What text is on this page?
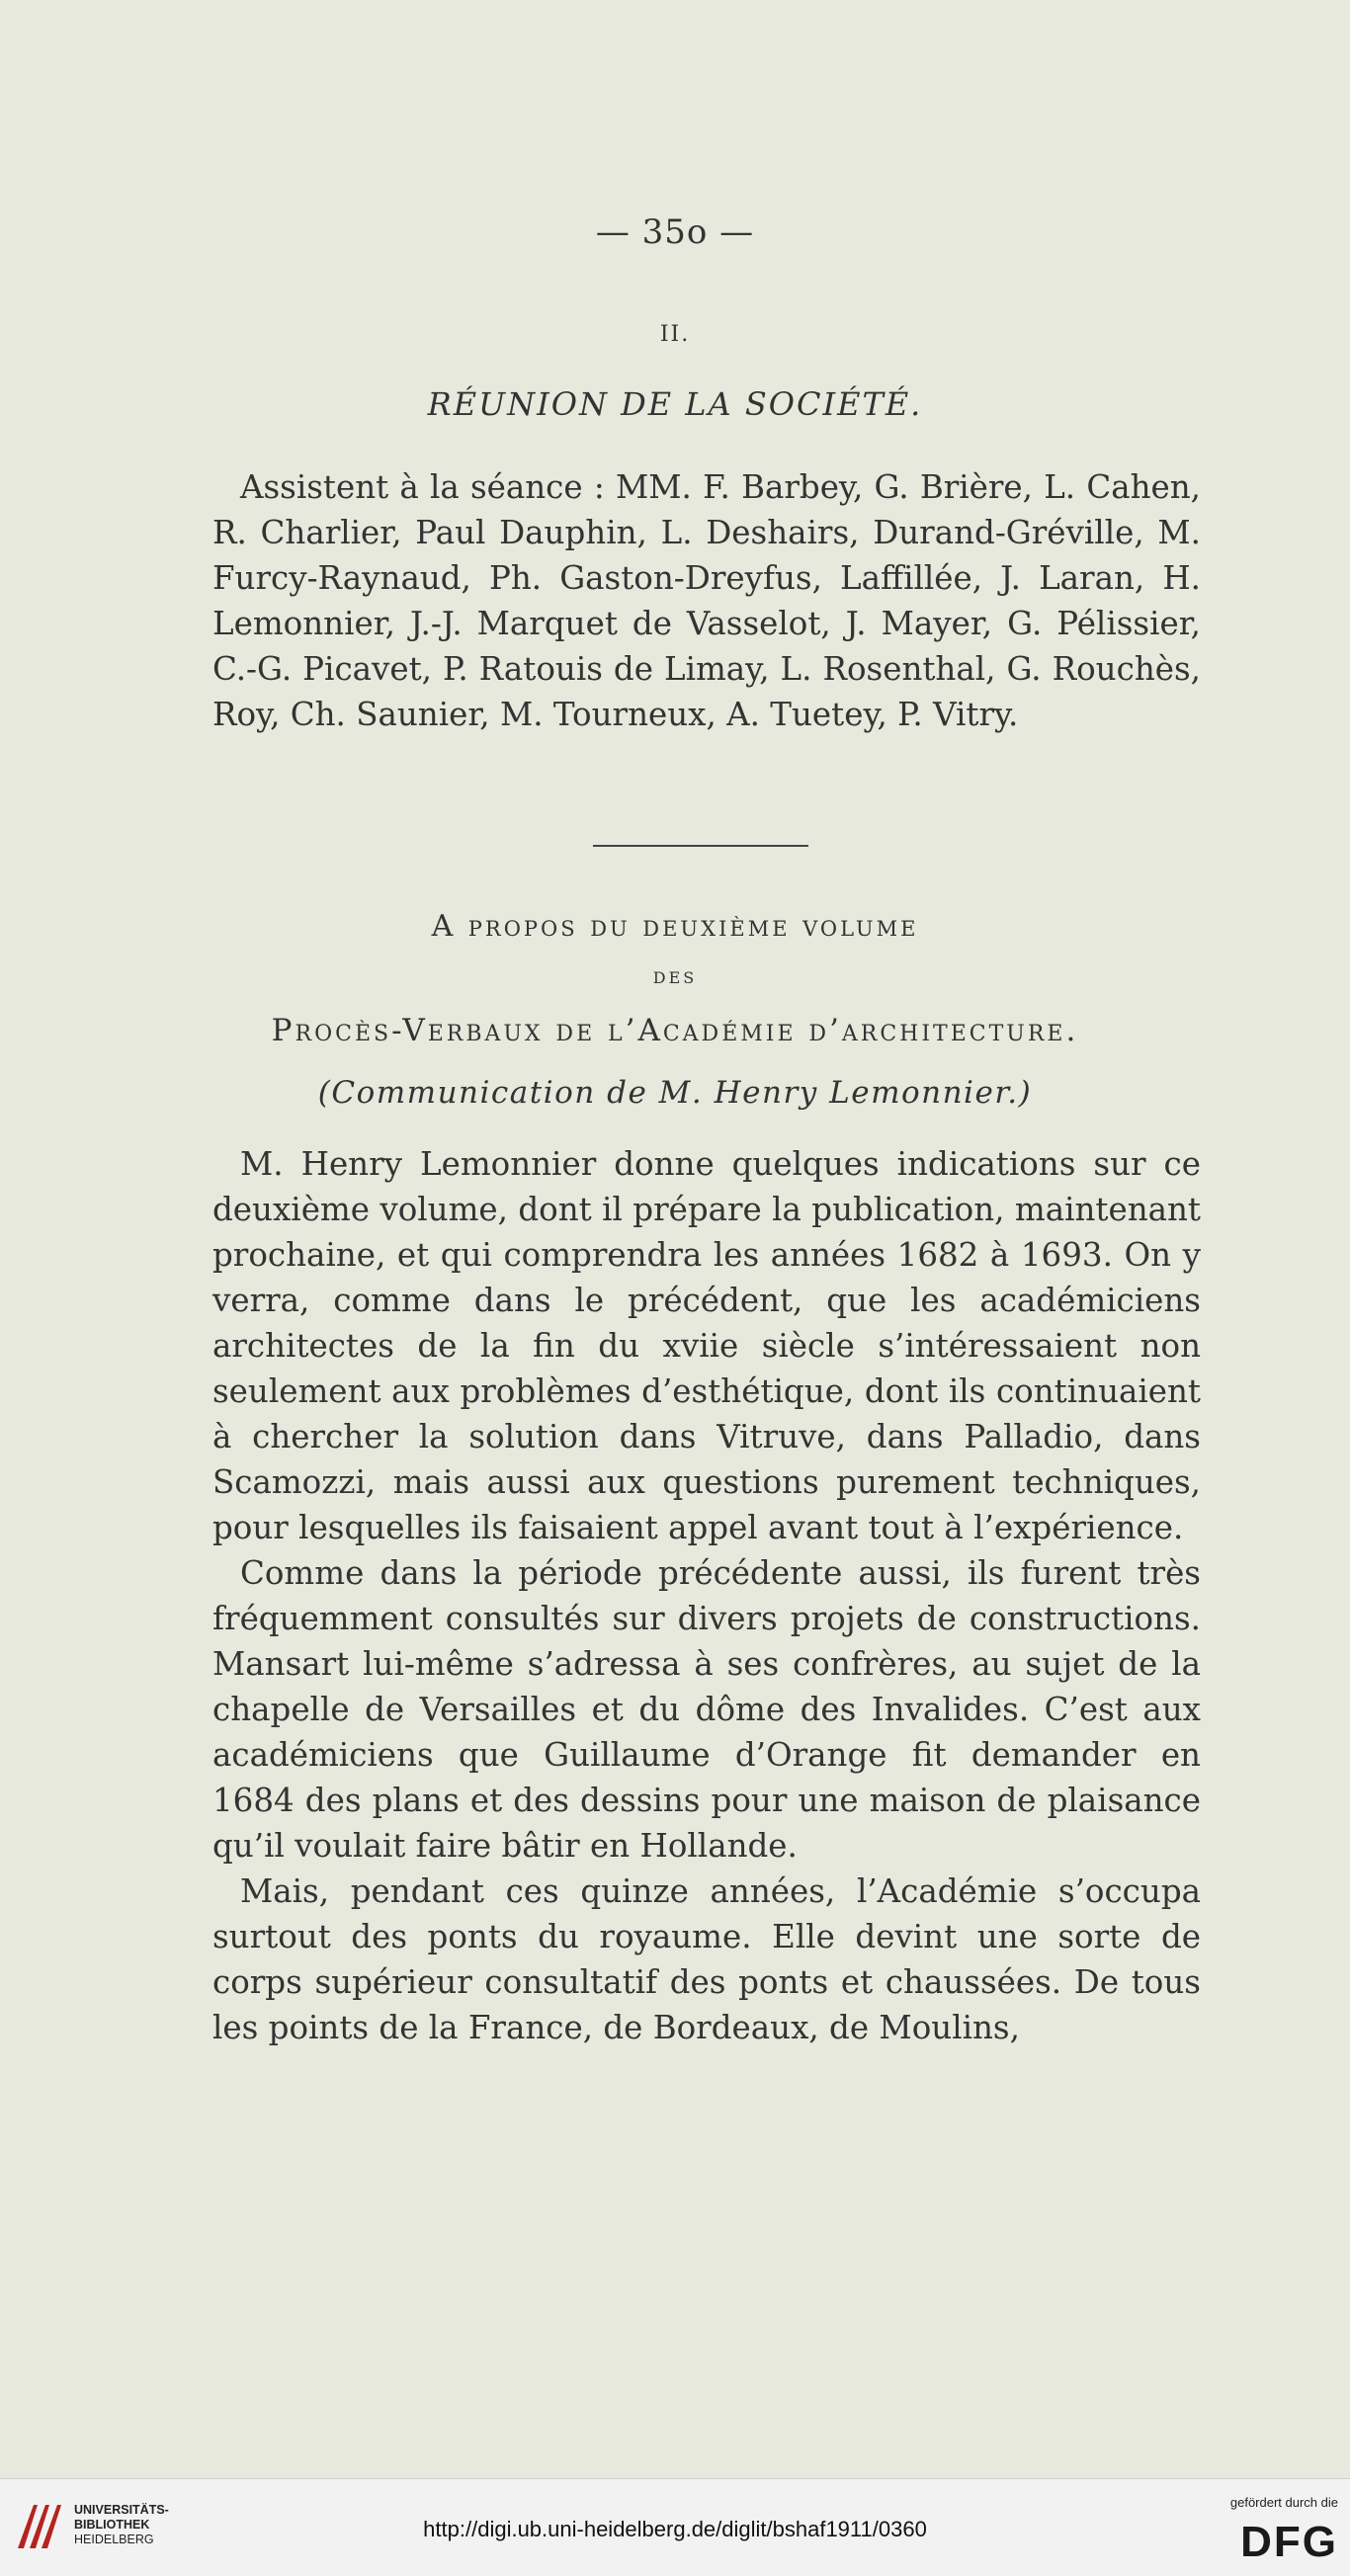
— 35o —
II.
RÉUNION DE LA SOCIÉTÉ.

Assistent à la séance : MM. F. Barbey, G. Brière, L. Cahen, R. Charlier, Paul Dauphin, L. Deshairs, Durand-Gréville, M. Furcy-Raynaud, Ph. Gaston-Dreyfus, Laffillée, J. Laran, H. Lemonnier, J.-J. Marquet de Vasselot, J. Mayer, G. Pélissier, C.-G. Picavet, P. Ratouis de Limay, L. Rosenthal, G. Rouchès, Roy, Ch. Saunier, M. Tourneux, A. Tuetey, P. Vitry.

A propos du deuxième volume
des
Procès-Verbaux de l’Académie d’architecture.
(Communication de M. Henry Lemonnier.)

M. Henry Lemonnier donne quelques indications sur ce deuxième volume, dont il prépare la publication, maintenant prochaine, et qui comprendra les années 1682 à 1693. On y verra, comme dans le précédent, que les académiciens architectes de la fin du xviie siècle s’intéressaient non seulement aux problèmes d’esthétique, dont ils continuaient à chercher la solution dans Vitruve, dans Palladio, dans Scamozzi, mais aussi aux questions purement techniques, pour lesquelles ils faisaient appel avant tout à l’expérience.

Comme dans la période précédente aussi, ils furent très fréquemment consultés sur divers projets de constructions. Mansart lui-même s’adressa à ses confrères, au sujet de la chapelle de Versailles et du dôme des Invalides. C’est aux académiciens que Guillaume d’Orange fit demander en 1684 des plans et des dessins pour une maison de plaisance qu’il voulait faire bâtir en Hollande.

Mais, pendant ces quinze années, l’Académie s’occupa surtout des ponts du royaume. Elle devint une sorte de corps supérieur consultatif des ponts et chaussées. De tous les points de la France, de Bordeaux, de Moulins,

UNIVERSITÄTS-
BIBLIOTHEK
HEIDELBERG	http://digi.ub.uni-heidelberg.de/diglit/bshaf1911/0360
gefördert durch die
DFG
